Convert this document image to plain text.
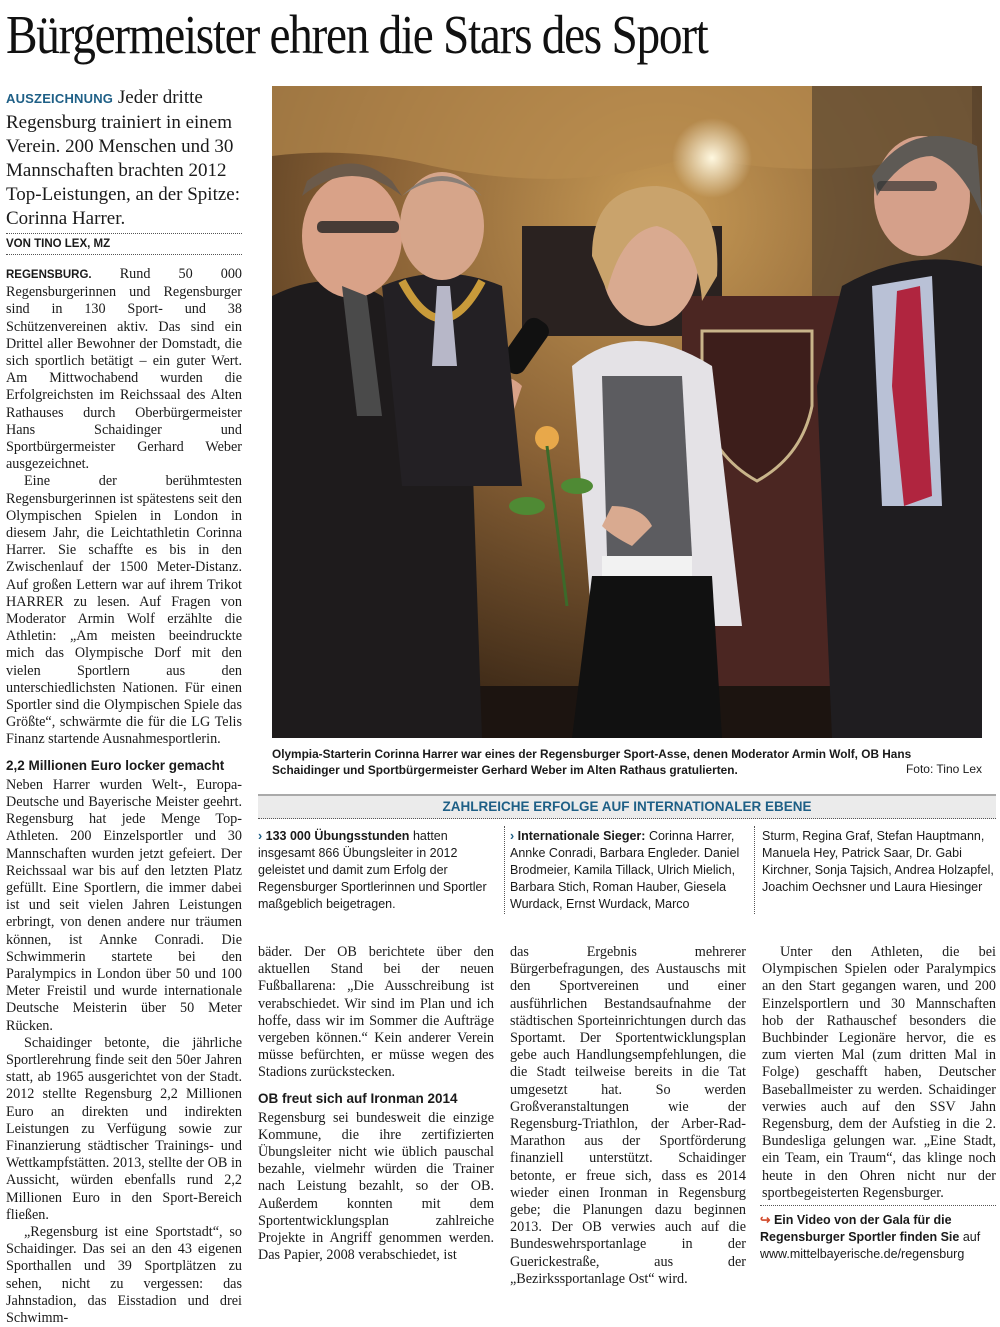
Bürgermeister ehren die Stars des Sport
AUSZEICHNUNG Jeder dritte Regensburg trainiert in einem Verein. 200 Menschen und 30 Mannschaften brachten 2012 Top-Leistungen, an der Spitze: Corinna Harrer.
VON TINO LEX, MZ

REGENSBURG. Rund 50 000 Regensburgerinnen und Regensburger sind in 130 Sport- und 38 Schützenvereinen aktiv. Das sind ein Drittel aller Bewohner der Domstadt, die sich sportlich betätigt – ein guter Wert. Am Mittwochabend wurden die Erfolgreichsten im Reichssaal des Alten Rathauses durch Oberbürgermeister Hans Schaidinger und Sportbürgermeister Gerhard Weber ausgezeichnet.

Eine der berühmtesten Regensburgerinnen ist spätestens seit den Olympischen Spielen in London in diesem Jahr, die Leichtathletin Corinna Harrer. Sie schaffte es bis in den Zwischenlauf der 1500 Meter-Distanz. Auf großen Lettern war auf ihrem Trikot HARRER zu lesen. Auf Fragen von Moderator Armin Wolf erzählte die Athletin: „Am meisten beeindruckte mich das Olympische Dorf mit den vielen Sportlern aus den unterschiedlichsten Nationen. Für einen Sportler sind die Olympischen Spiele das Größte“, schwärmte die für die LG Telis Finanz startende Ausnahmesportlerin.

2,2 Millionen Euro locker gemacht

Neben Harrer wurden Welt-, Europa- Deutsche und Bayerische Meister geehrt. Regensburg hat jede Menge Top-Athleten. 200 Einzelsportler und 30 Mannschaften wurden jetzt gefeiert. Der Reichssaal war bis auf den letzten Platz gefüllt. Eine Sportlern, die immer dabei ist und seit vielen Jahren Leistungen erbringt, von denen andere nur träumen können, ist Annke Conradi. Die Schwimmerin startete bei den Paralympics in London über 50 und 100 Meter Freistil und wurde internationale Deutsche Meisterin über 50 Meter Rücken.

Schaidinger betonte, die jährliche Sportlerehrung finde seit den 50er Jahren statt, ab 1965 ausgerichtet von der Stadt. 2012 stellte Regensburg 2,2 Millionen Euro an direkten und indirekten Leistungen zu Verfügung sowie zur Finanzierung städtischer Trainings- und Wettkampfstätten. 2013, stellte der OB in Aussicht, würden ebenfalls rund 2,2 Millionen Euro in den Sport-Bereich fließen.

„Regensburg ist eine Sportstadt“, so Schaidinger. Das sei an den 43 eigenen Sporthallen und 39 Sportplätzen zu sehen, nicht zu vergessen: das Jahnstadion, das Eisstadion und drei Schwimm-

Olympia-Starterin Corinna Harrer war eines der Regensburger Sport-Asse, denen Moderator Armin Wolf, OB Hans Schaidinger und Sportbürgermeister Gerhard Weber im Alten Rathaus gratulierten.	Foto: Tino Lex
ZAHLREICHE ERFOLGE AUF INTERNATIONALER EBENE
› 133 000 Übungsstunden hatten insgesamt 866 Übungsleiter in 2012 geleistet und damit zum Erfolg der Regensburger Sportlerinnen und Sportler maßgeblich beigetragen.
› Internationale Sieger: Corinna Harrer, Annke Conradi, Barbara Engleder. Daniel Brodmeier, Kamila Tillack, Ulrich Mielich, Barbara Stich, Roman Hauber, Giesela Wurdack, Ernst Wurdack, Marco
Sturm, Regina Graf, Stefan Hauptmann, Manuela Hey, Patrick Saar, Dr. Gabi Kirchner, Sonja Tajsich, Andrea Holzapfel, Joachim Oechsner und Laura Hiesinger

bäder. Der OB berichtete über den aktuellen Stand bei der neuen Fußballarena: „Die Ausschreibung ist verabschiedet. Wir sind im Plan und ich hoffe, dass wir im Sommer die Aufträge vergeben können.“ Kein anderer Verein müsse befürchten, er müsse wegen des Stadions zurückstecken.

OB freut sich auf Ironman 2014

Regensburg sei bundesweit die einzige Kommune, die ihre zertifizierten Übungsleiter nicht wie üblich pauschal bezahle, vielmehr würden die Trainer nach Leistung bezahlt, so der OB. Außerdem konnten mit dem Sportentwicklungsplan zahlreiche Projekte in Angriff genommen werden. Das Papier, 2008 verabschiedet, ist

das Ergebnis mehrerer Bürgerbefragungen, des Austauschs mit den Sportvereinen und einer ausführlichen Bestandsaufnahme der städtischen Sporteinrichtungen durch das Sportamt. Der Sportentwicklungsplan gebe auch Handlungsempfehlungen, die die Stadt teilweise bereits in die Tat umgesetzt hat. So werden Großveranstaltungen wie der Regensburg-Triathlon, der Arber-Rad-Marathon aus der Sportförderung finanziell unterstützt. Schaidinger betonte, er freue sich, dass es 2014 wieder einen Ironman in Regensburg gebe; die Planungen dazu beginnen 2013. Der OB verwies auch auf die Bundeswehrsportanlage in der Guerickestraße, aus der „Bezirkssportanlage Ost“ wird.

Unter den Athleten, die bei Olympischen Spielen oder Paralympics an den Start gegangen waren, und 200 Einzelsportlern und 30 Mannschaften hob der Rathauschef besonders die Buchbinder Legionäre hervor, die es zum vierten Mal (zum dritten Mal in Folge) geschafft haben, Deutscher Baseballmeister zu werden. Schaidinger verwies auch auf den SSV Jahn Regensburg, dem der Aufstieg in die 2. Bundesliga gelungen war. „Eine Stadt, ein Team, ein Traum“, das klinge noch heute in den Ohren nicht nur der sportbegeisterten Regensburger.

↪ Ein Video von der Gala für die Regensburger Sportler finden Sie auf
www.mittelbayerische.de/regensburg
